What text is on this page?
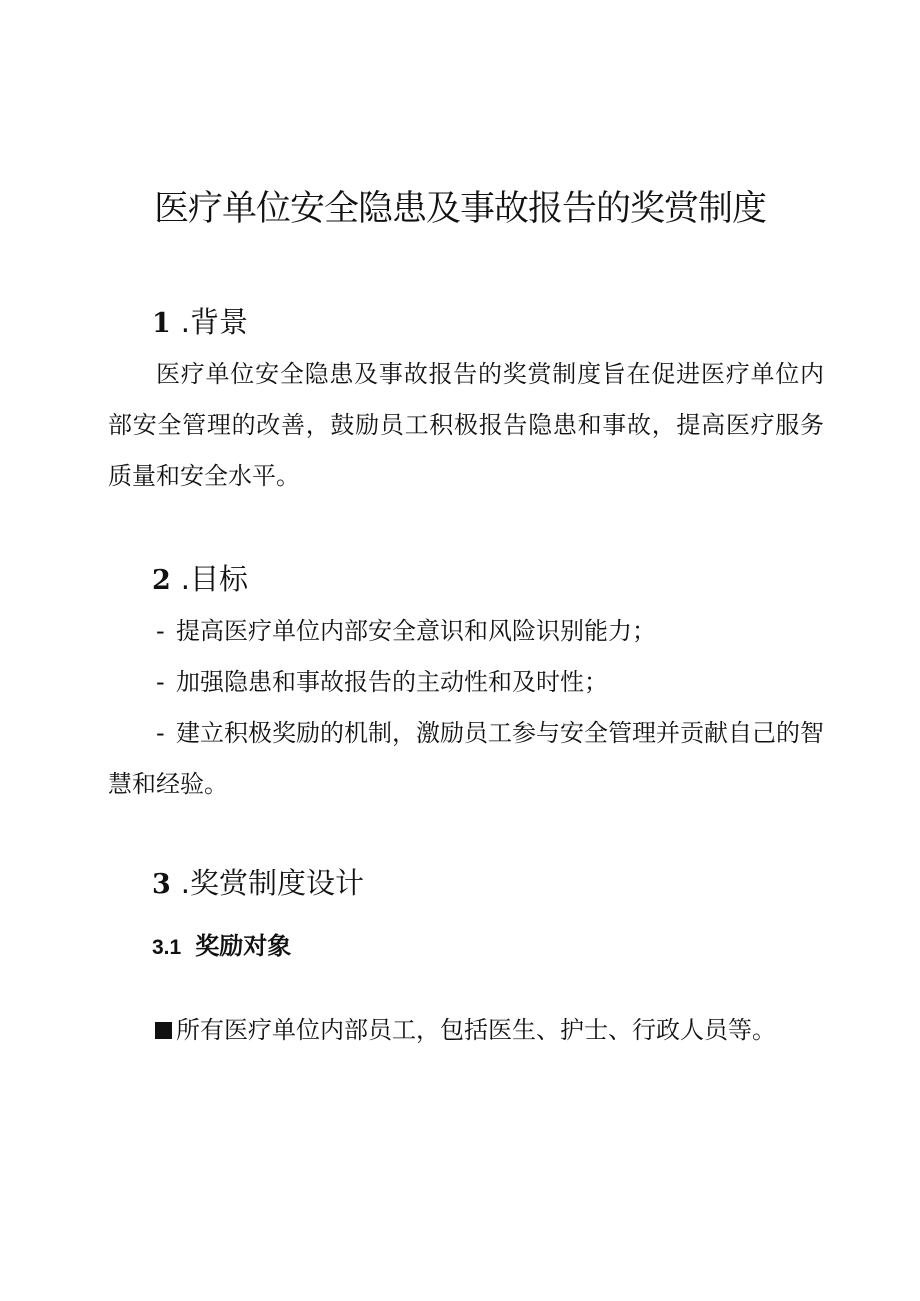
医疗单位安全隐患及事故报告的奖赏制度
1 .背景

医疗单位安全隐患及事故报告的奖赏制度旨在促进医疗单位内部安全管理的改善，鼓励员工积极报告隐患和事故，提高医疗服务质量和安全水平。

2 .目标

- 提高医疗单位内部安全意识和风险识别能力；

- 加强隐患和事故报告的主动性和及时性；

- 建立积极奖励的机制，激励员工参与安全管理并贡献自己的智慧和经验。

3 .奖赏制度设计
3.1 奖励对象

所有医疗单位内部员工，包括医生、护士、行政人员等。
